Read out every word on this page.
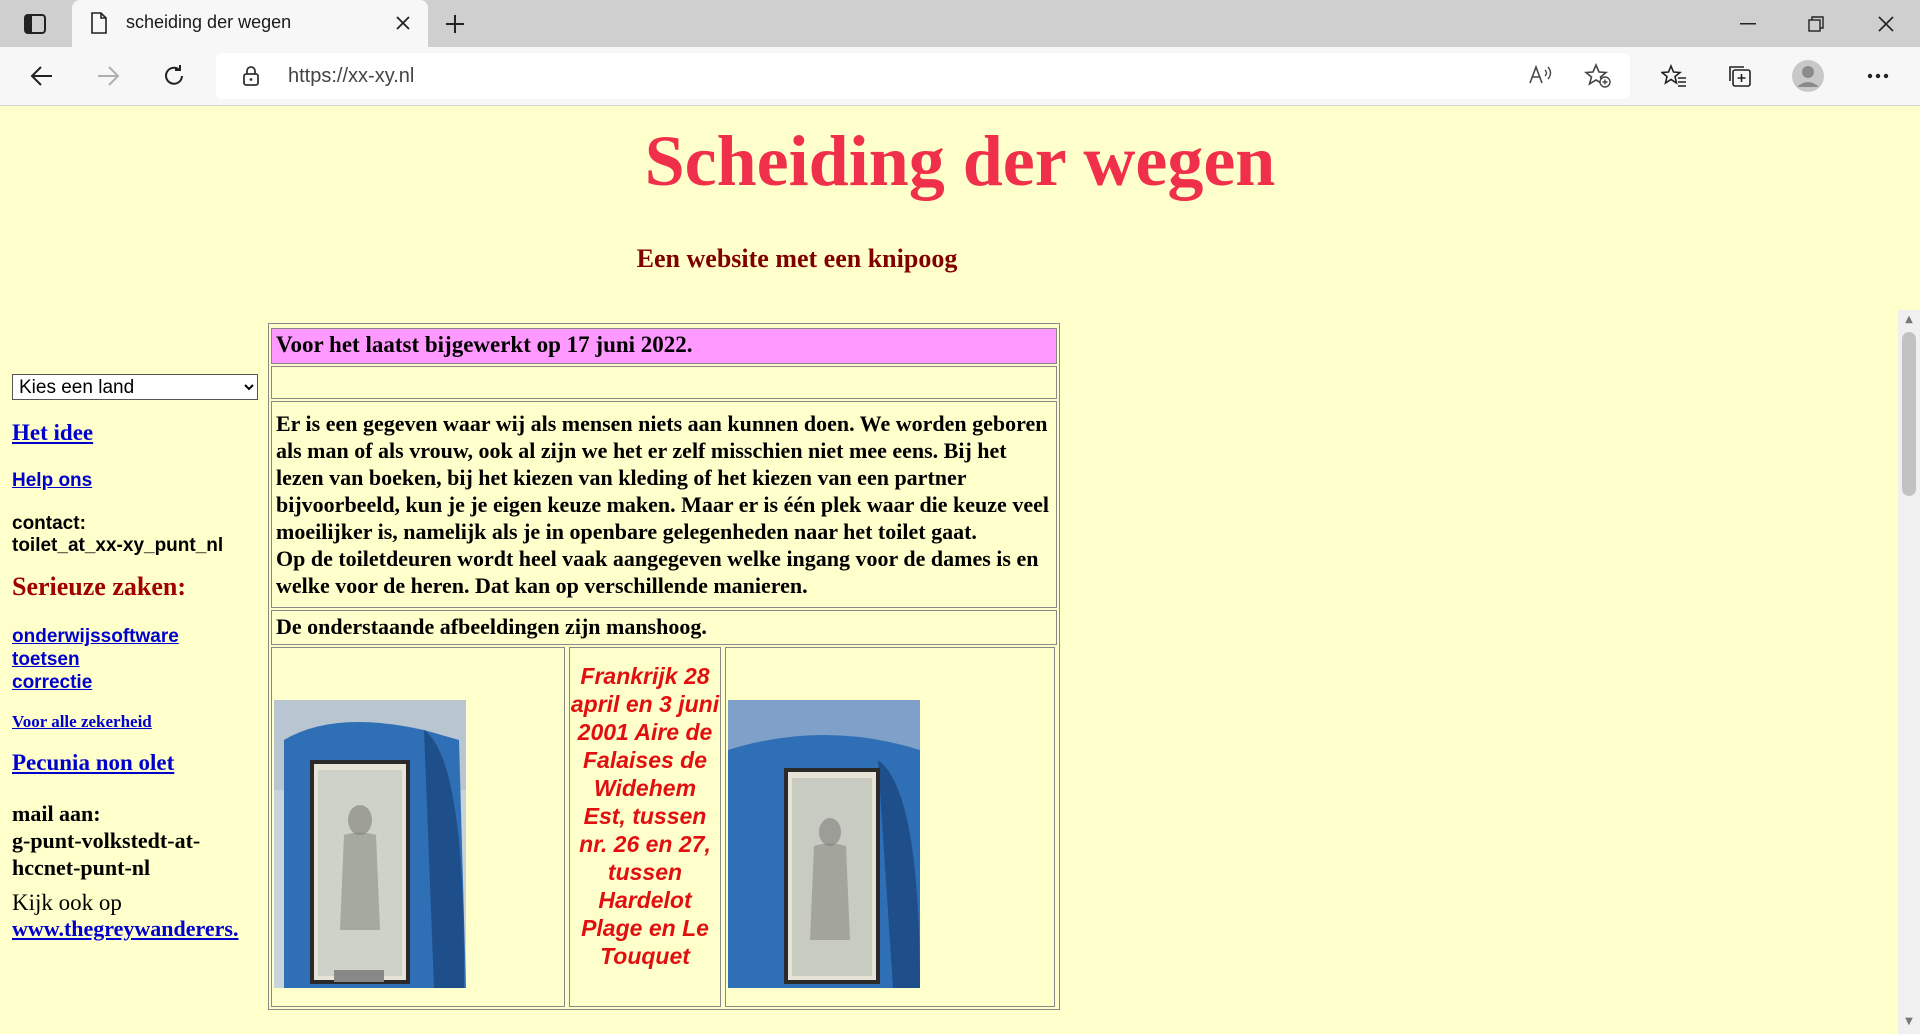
scheiding der wegen
https://xx-xy.nl
Scheiding der wegen
Een website met een knipoog
Kies een land
Het idee
Help ons
contact:
toilet_at_xx-xy_punt_nl
Serieuze zaken:
onderwijssoftware
toetsen
correctie
Voor alle zekerheid
Pecunia non olet
mail aan:
g-punt-volkstedt-at-
hccnet-punt-nl
Kijk ook op
www.thegreywanderers.
Voor het laatst bijgewerkt op 17 juni 2022.
Er is een gegeven waar wij als mensen niets aan kunnen doen. We worden geboren als man of als vrouw, ook al zijn we het er zelf misschien niet mee eens. Bij het lezen van boeken, bij het kiezen van kleding of het kiezen van een partner bijvoorbeeld, kun je je eigen keuze maken. Maar er is één plek waar die keuze veel moeilijker is, namelijk als je in openbare gelegenheden naar het toilet gaat.
Op de toiletdeuren wordt heel vaak aangegeven welke ingang voor de dames is en welke voor de heren. Dat kan op verschillende manieren.
De onderstaande afbeeldingen zijn manshoog.
Frankrijk 28 april en 3 juni 2001 Aire de Falaises de Widehem Est, tussen nr. 26 en 27, tussen Hardelot Plage en Le Touquet
▲
▼
